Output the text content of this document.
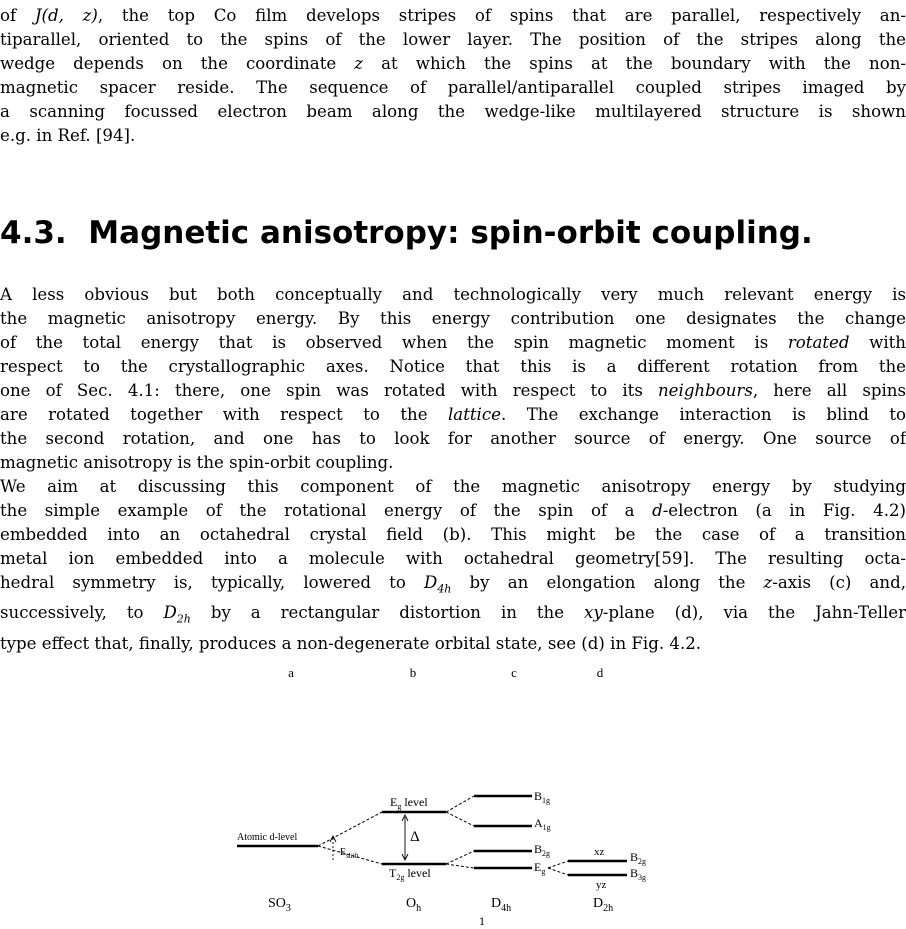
of J(d, z), the top Co film develops stripes of spins that are parallel, respectively an-
tiparallel, oriented to the spins of the lower layer. The position of the stripes along the
wedge depends on the coordinate z at which the spins at the boundary with the non-
magnetic spacer reside. The sequence of parallel/antiparallel coupled stripes imaged by
a scanning focussed electron beam along the wedge-like multilayered structure is shown
e.g. in Ref. [94].
4.3. Magnetic anisotropy: spin-orbit coupling.
A less obvious but both conceptually and technologically very much relevant energy is
the magnetic anisotropy energy. By this energy contribution one designates the change
of the total energy that is observed when the spin magnetic moment is rotated with
respect to the crystallographic axes. Notice that this is a different rotation from the
one of Sec. 4.1: there, one spin was rotated with respect to its neighbours, here all spins
are rotated together with respect to the lattice. The exchange interaction is blind to
the second rotation, and one has to look for another source of energy. One source of
magnetic anisotropy is the spin-orbit coupling.
We aim at discussing this component of the magnetic anisotropy energy by studying
the simple example of the rotational energy of the spin of a d-electron (a in Fig. 4.2)
embedded into an octahedral crystal field (b). This might be the case of a transition
metal ion embedded into a molecule with octahedral geometry[59]. The resulting octa-
hedral symmetry is, typically, lowered to $D_{4h}$ by an elongation along the z-axis (c) and,
successively, to $D_{2h}$ by a rectangular distortion in the xy-plane (d), via the Jahn-Teller
type effect that, finally, produces a non-degenerate orbital state, see (d) in Fig. 4.2.
a	b	c	d
Atomic d-level
$E_{shift}$
$E_g$ level
Δ
$T_{2g}$ level
$B_{1g}$
$A_{1g}$
$B_{2g}$
$E_g$
xz $B_{2g}$
yz
$B_{3g}$
$SO_3$	$O_h$	$D_{4h}$	$D_{2h}$
1
